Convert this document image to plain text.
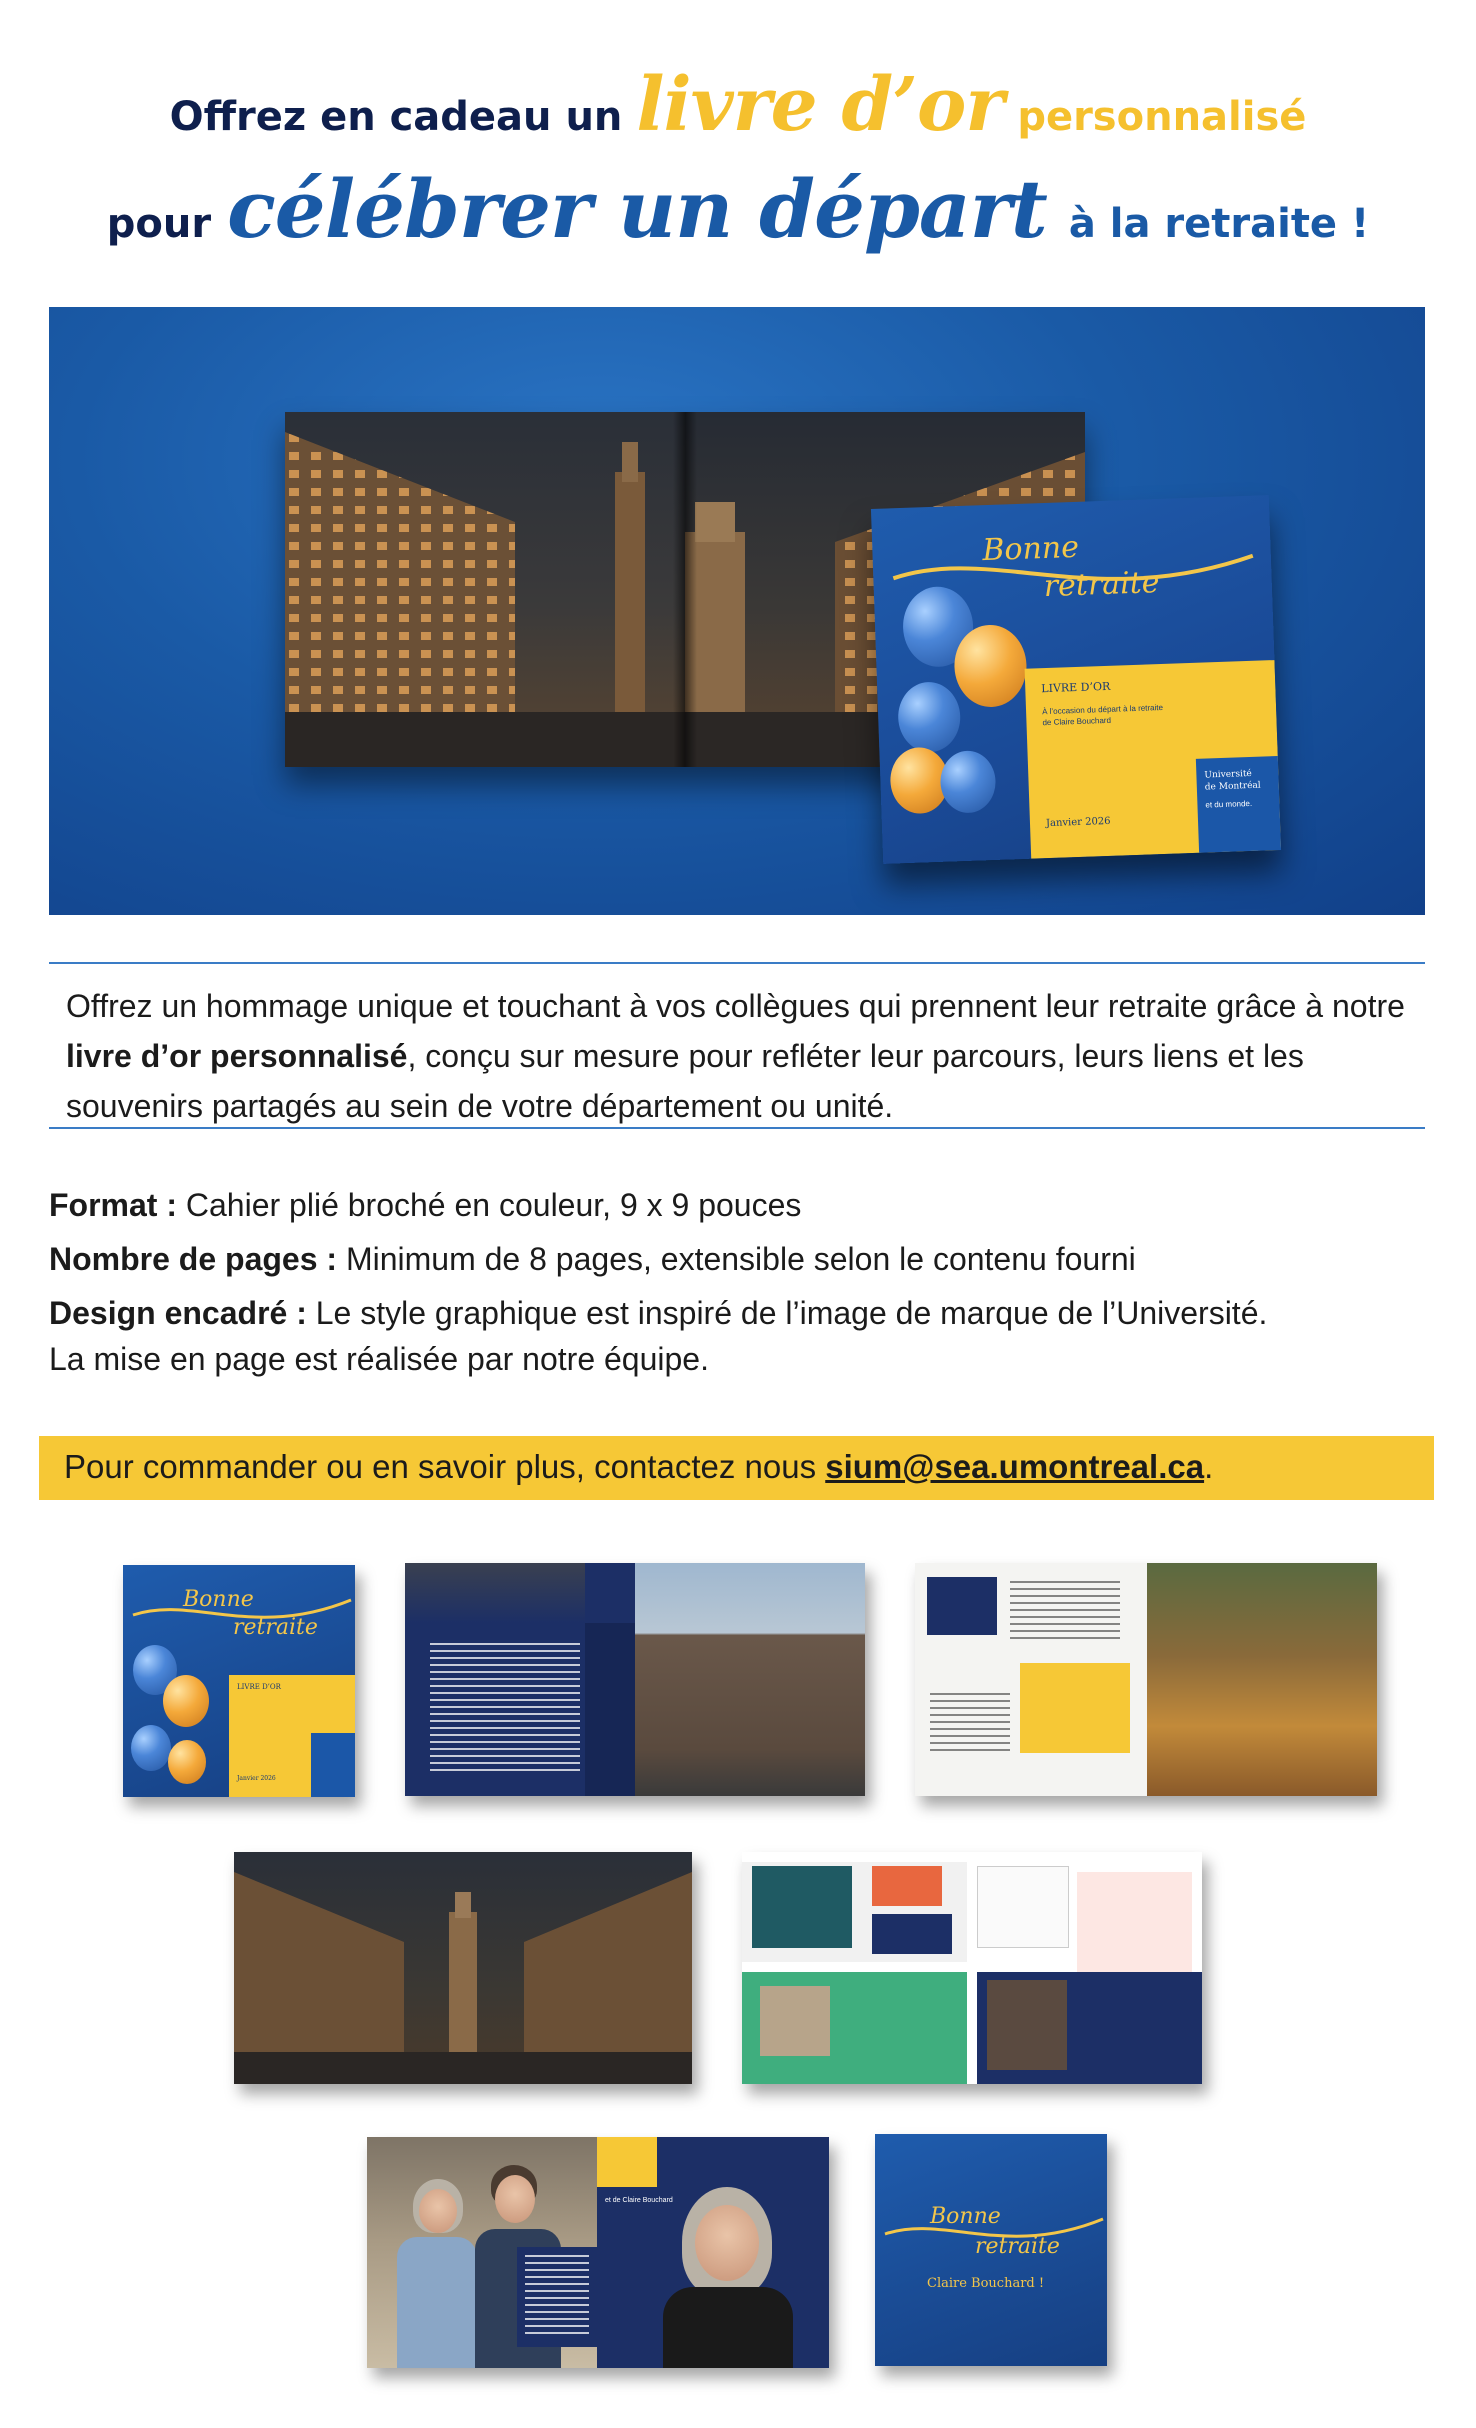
Offrez en cadeau un livre d’or personnalisé
pour célébrer un départ à la retraite !
Bonne
retraite
LIVRE D’OR
À l’occasion du départ à la retraite de Claire Bouchard
Janvier 2026
Université
de Montréal
et du monde.
Offrez un hommage unique et touchant à vos collègues qui prennent leur retraite grâce à notre livre d’or personnalisé, conçu sur mesure pour refléter leur parcours, leurs liens et les souvenirs partagés au sein de votre département ou unité.
Format : Cahier plié broché en couleur, 9 x 9 pouces
Nombre de pages : Minimum de 8 pages, extensible selon le contenu fourni
Design encadré : Le style graphique est inspiré de l’image de marque de l’Université.
La mise en page est réalisée par notre équipe.
Pour commander ou en savoir plus, contactez nous sium@sea.umontreal.ca.
Bonne
retraite
LIVRE D’OR
Janvier 2026
et de Claire Bouchard
Bonne
retraite
Claire Bouchard !
